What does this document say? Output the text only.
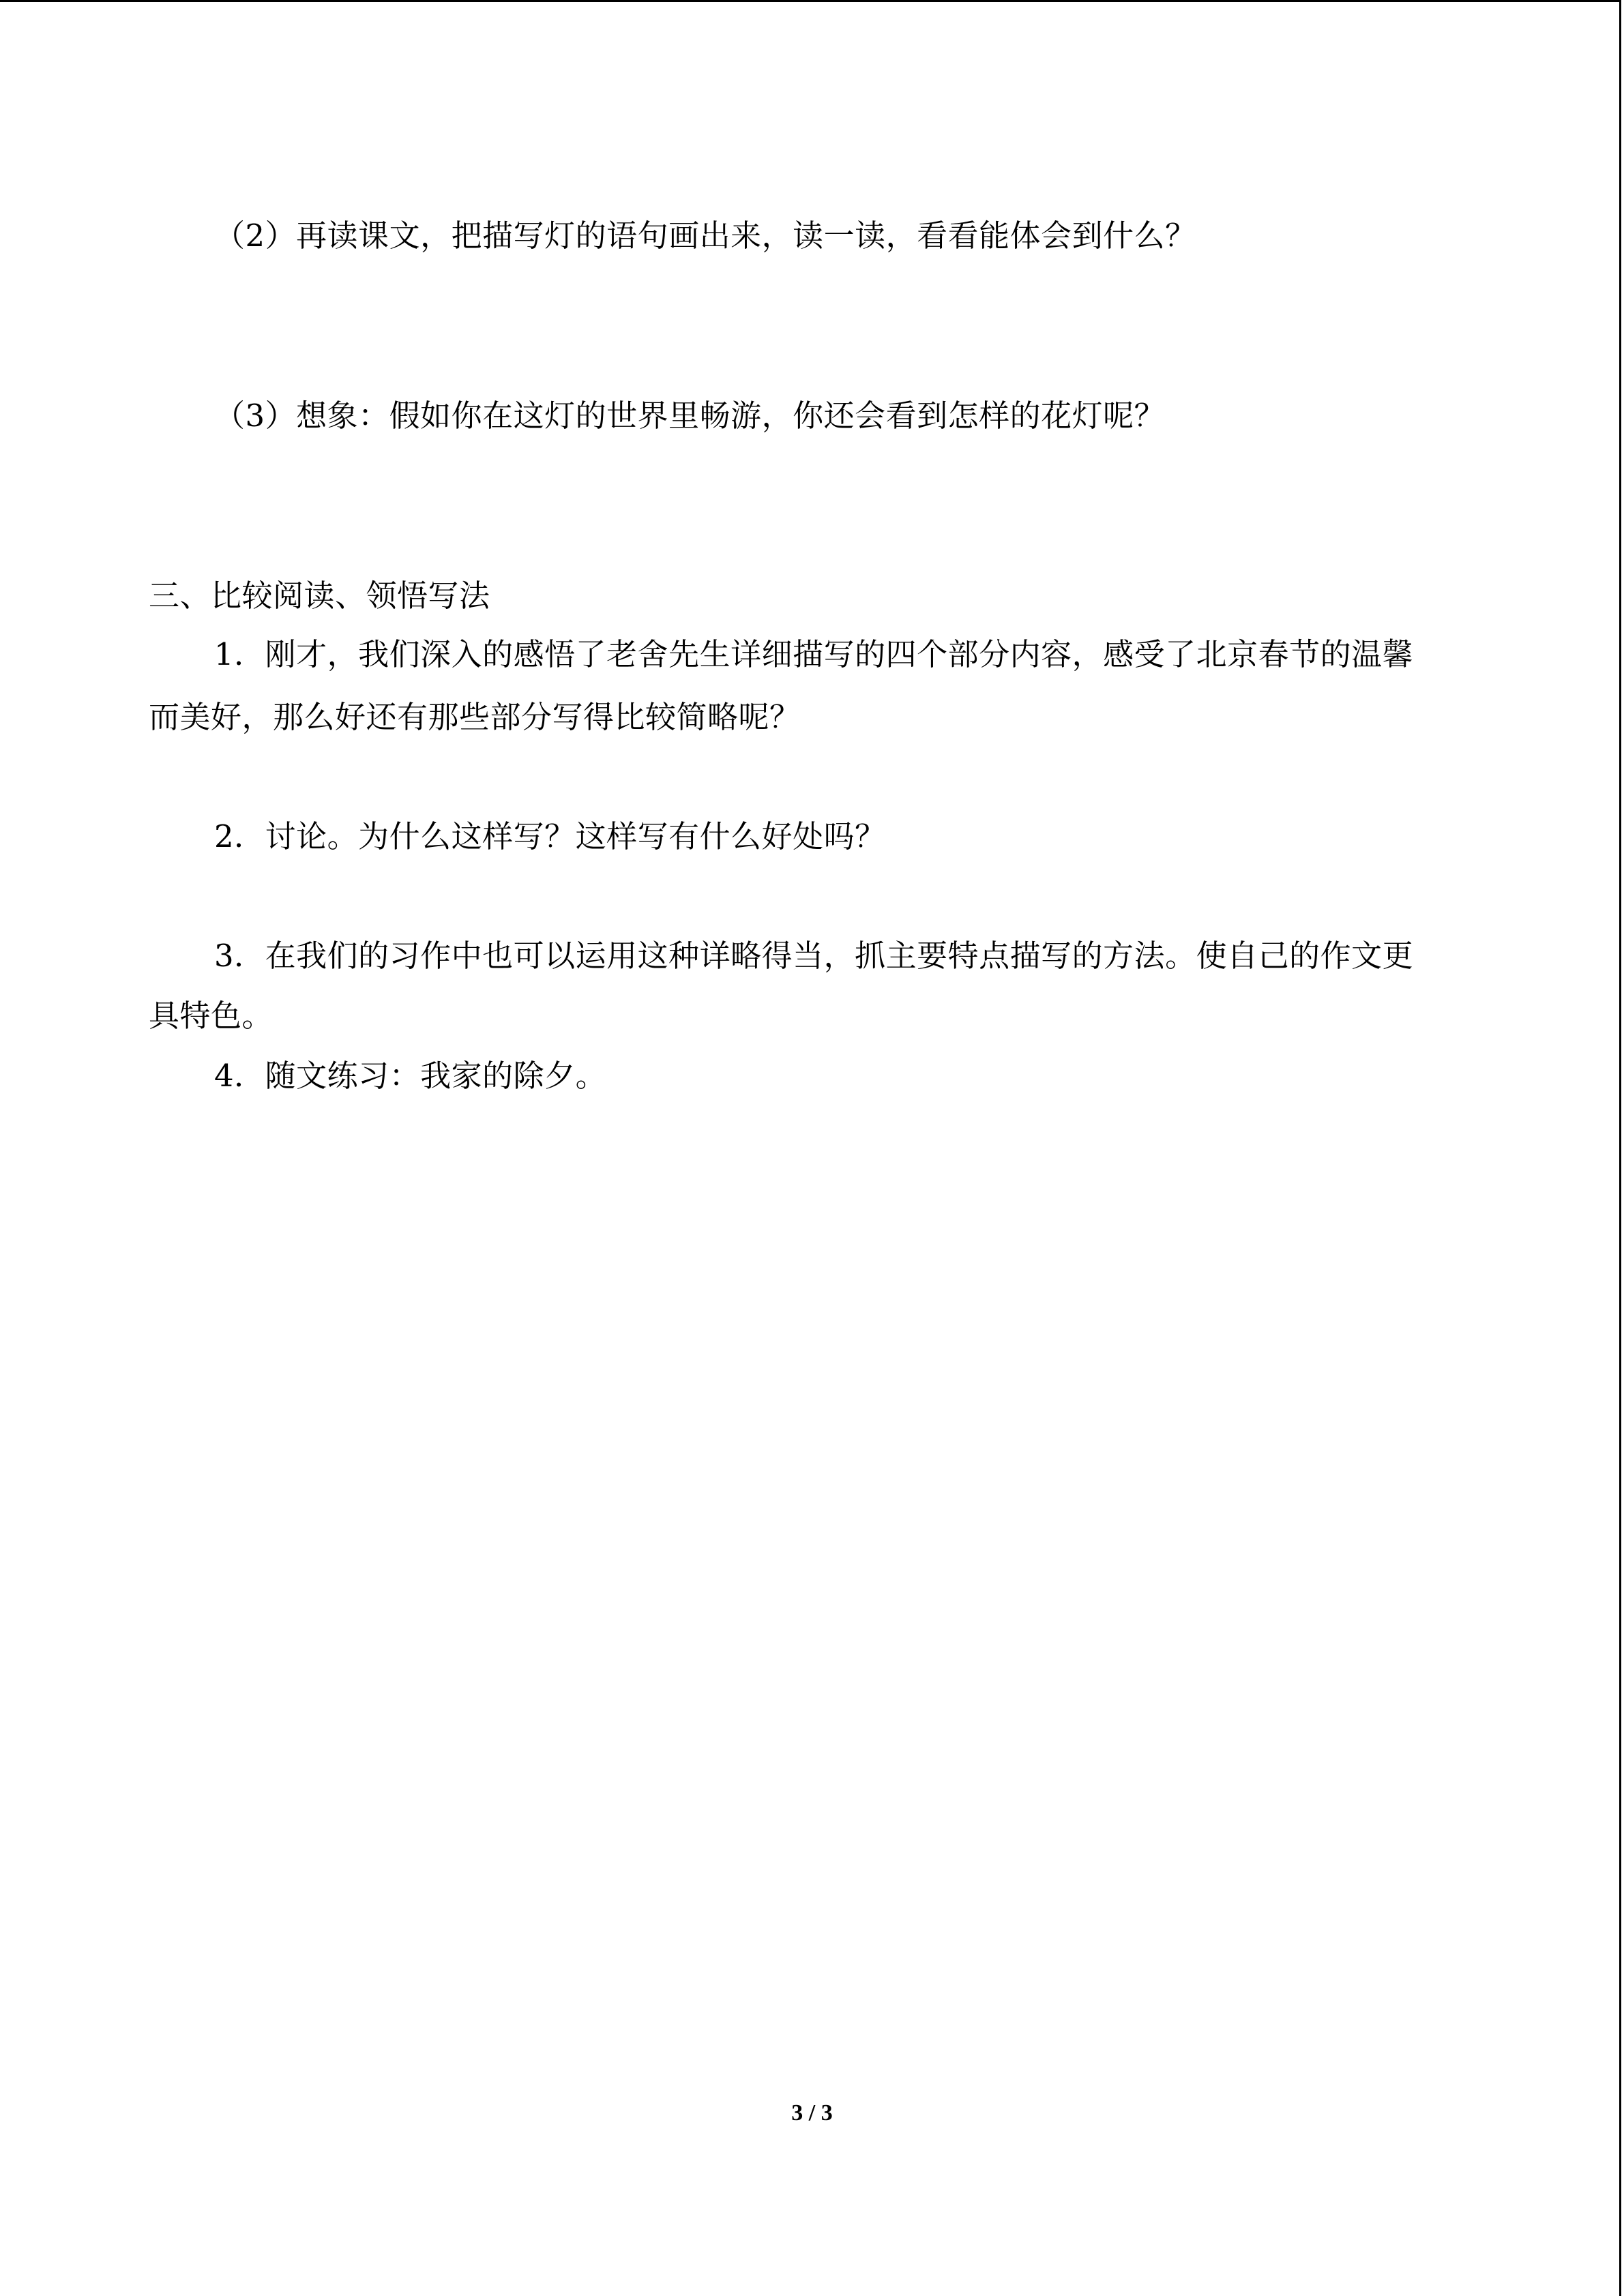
（2）再读课文，把描写灯的语句画出来，读一读，看看能体会到什么？
（3）想象：假如你在这灯的世界里畅游，你还会看到怎样的花灯呢？
三、比较阅读、领悟写法
1．刚才，我们深入的感悟了老舍先生详细描写的四个部分内容，感受了北京春节的温馨
而美好，那么好还有那些部分写得比较简略呢？
2．讨论。为什么这样写？这样写有什么好处吗？
3．在我们的习作中也可以运用这种详略得当，抓主要特点描写的方法。使自己的作文更
具特色。
4．随文练习：我家的除夕。
3 / 3
